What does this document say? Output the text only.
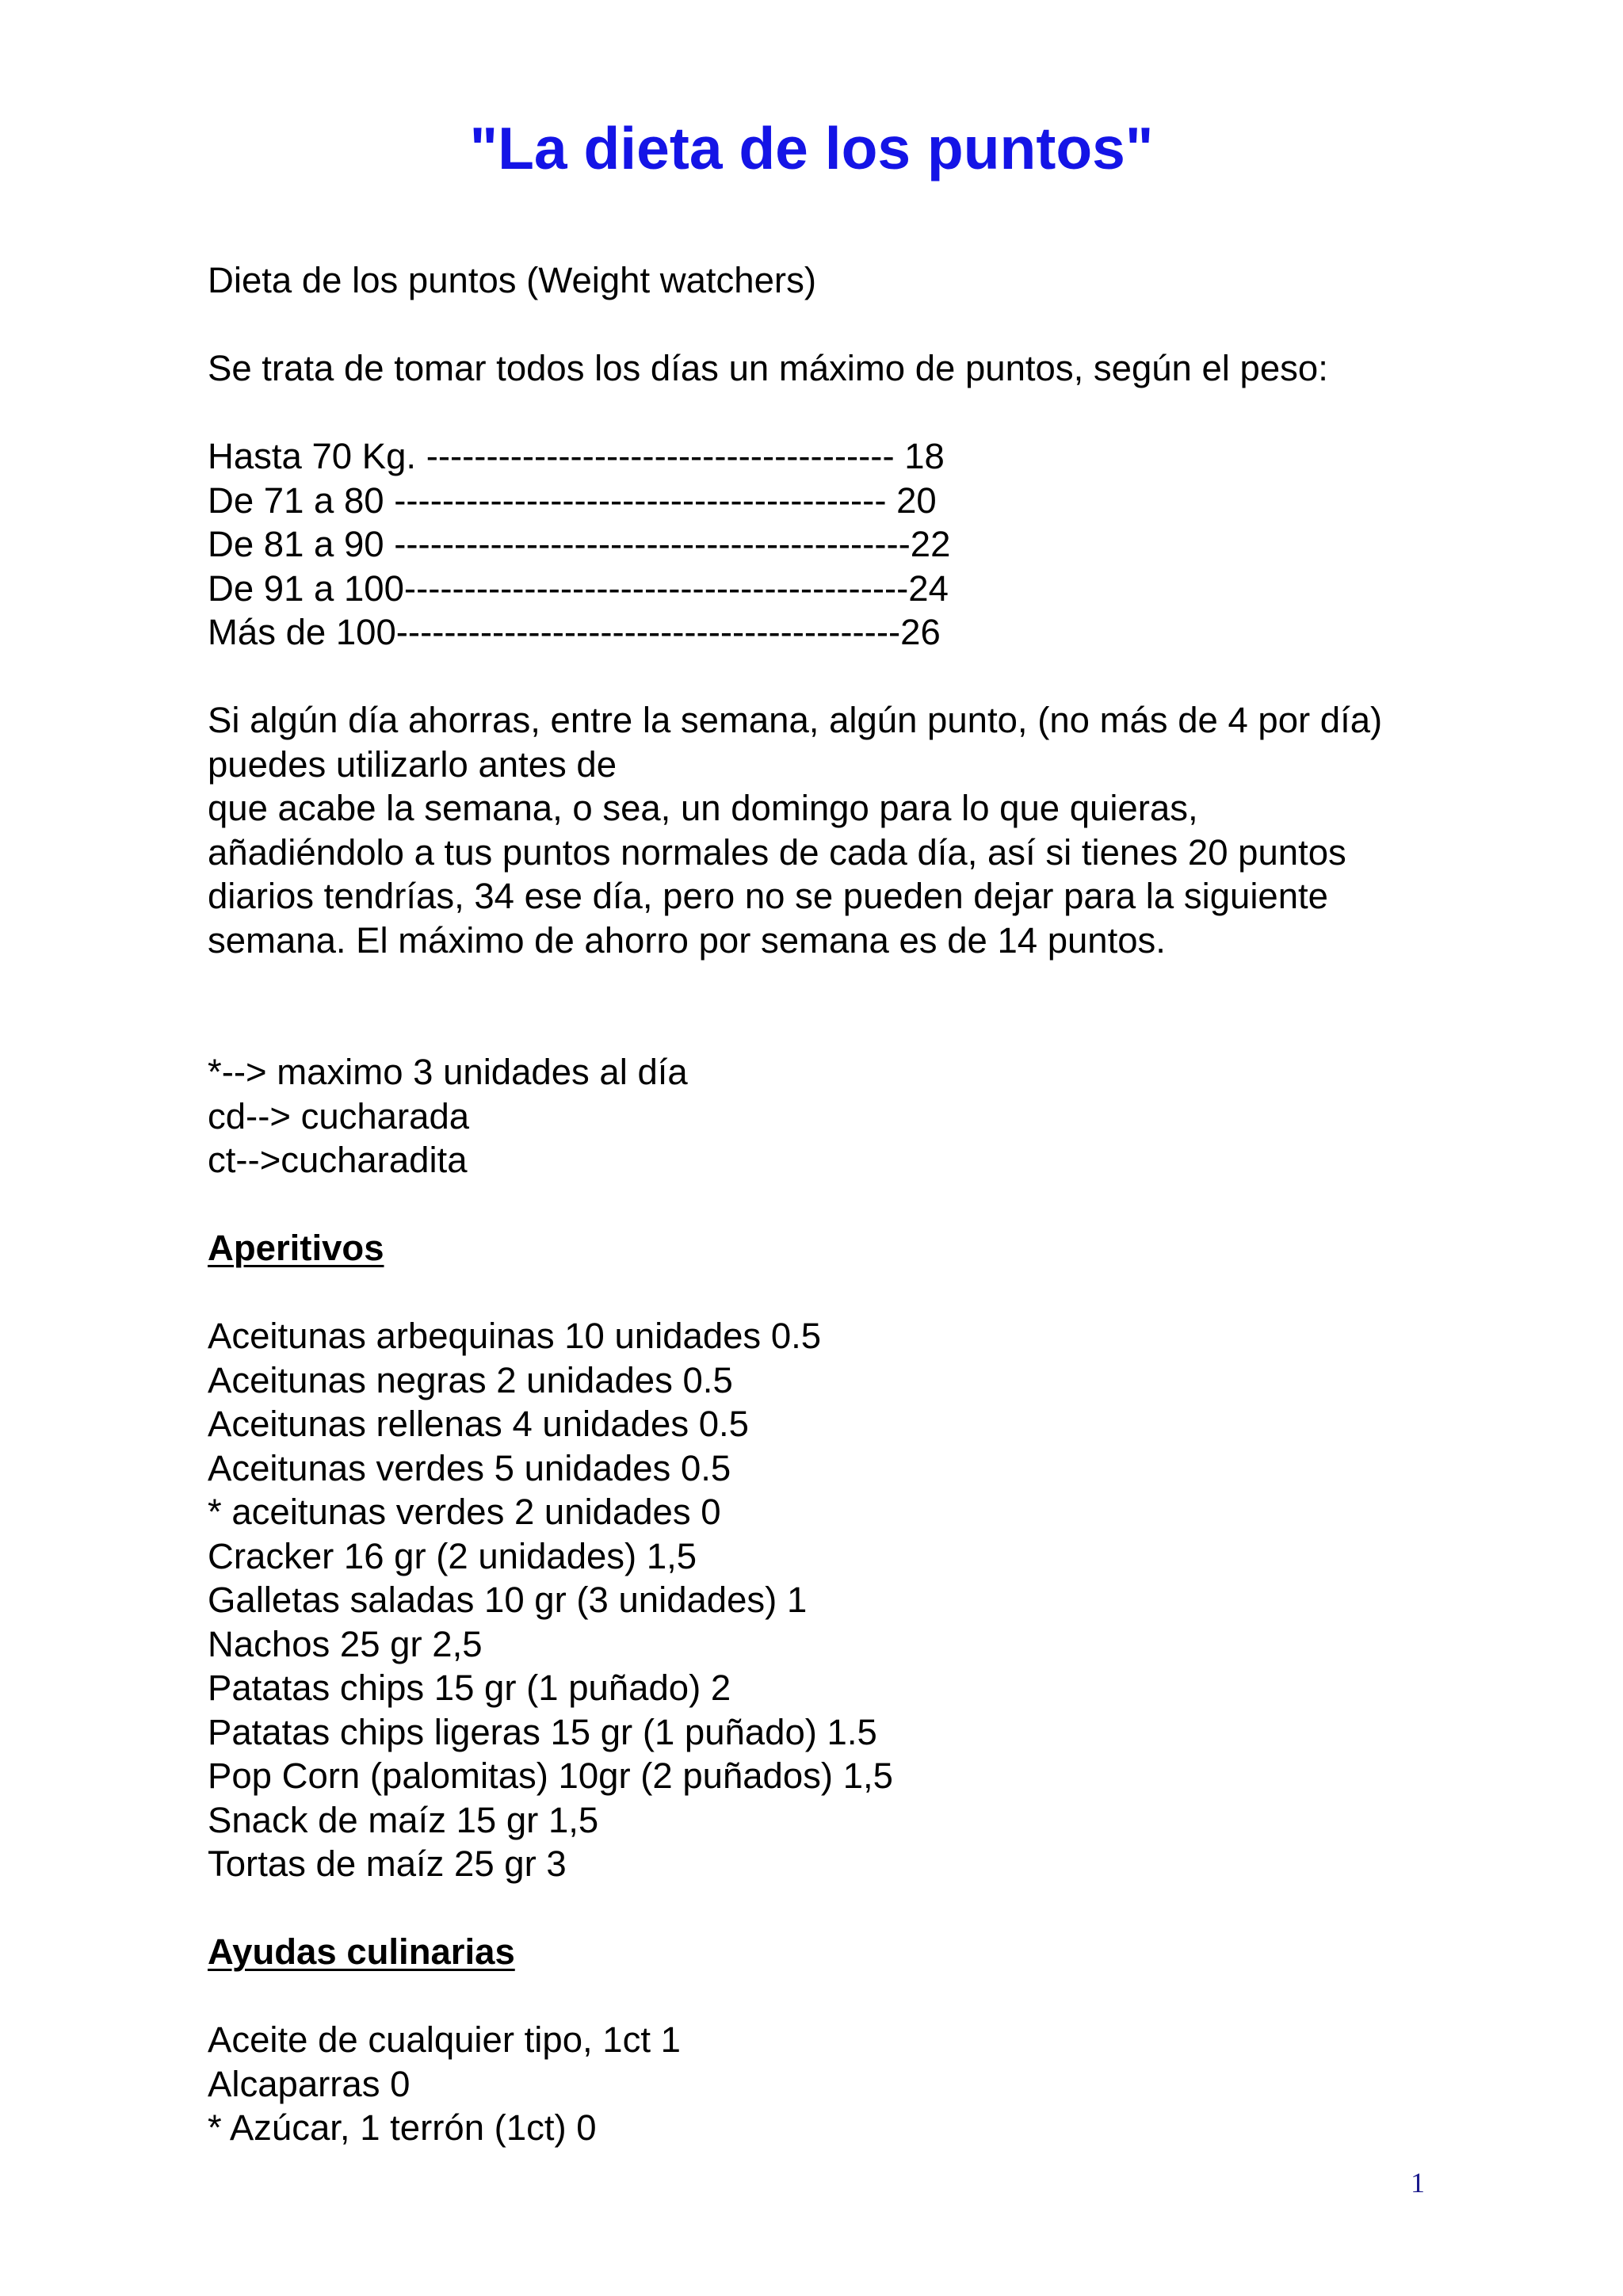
"La dieta de los puntos"
Dieta de los puntos (Weight watchers)
Se trata de tomar todos los días un máximo de puntos, según el peso:
Hasta 70 Kg. --------------------------------------- 18
De 71 a 80 ----------------------------------------- 20
De 81 a 90 -------------------------------------------22
De 91 a 100------------------------------------------24
Más de 100------------------------------------------26
Si algún día ahorras, entre la semana, algún punto, (no más de 4 por día)
puedes utilizarlo antes de
que acabe la semana, o sea, un domingo para lo que quieras,
añadiéndolo a tus puntos normales de cada día, así si tienes 20 puntos
diarios tendrías, 34 ese día, pero no se pueden dejar para la siguiente
semana. El máximo de ahorro por semana es de 14 puntos.
*--> maximo 3 unidades al día
cd--> cucharada
ct-->cucharadita
Aperitivos
Aceitunas arbequinas 10 unidades 0.5
Aceitunas negras 2 unidades 0.5
Aceitunas rellenas 4 unidades 0.5
Aceitunas verdes 5 unidades 0.5
* aceitunas verdes 2 unidades 0
Cracker 16 gr (2 unidades) 1,5
Galletas saladas 10 gr (3 unidades) 1
Nachos 25 gr 2,5
Patatas chips 15 gr (1 puñado) 2
Patatas chips ligeras 15 gr (1 puñado) 1.5
Pop Corn (palomitas) 10gr (2 puñados) 1,5
Snack de maíz 15 gr 1,5
Tortas de maíz 25 gr 3
Ayudas culinarias
Aceite de cualquier tipo, 1ct 1
Alcaparras 0
* Azúcar, 1 terrón (1ct) 0
1
